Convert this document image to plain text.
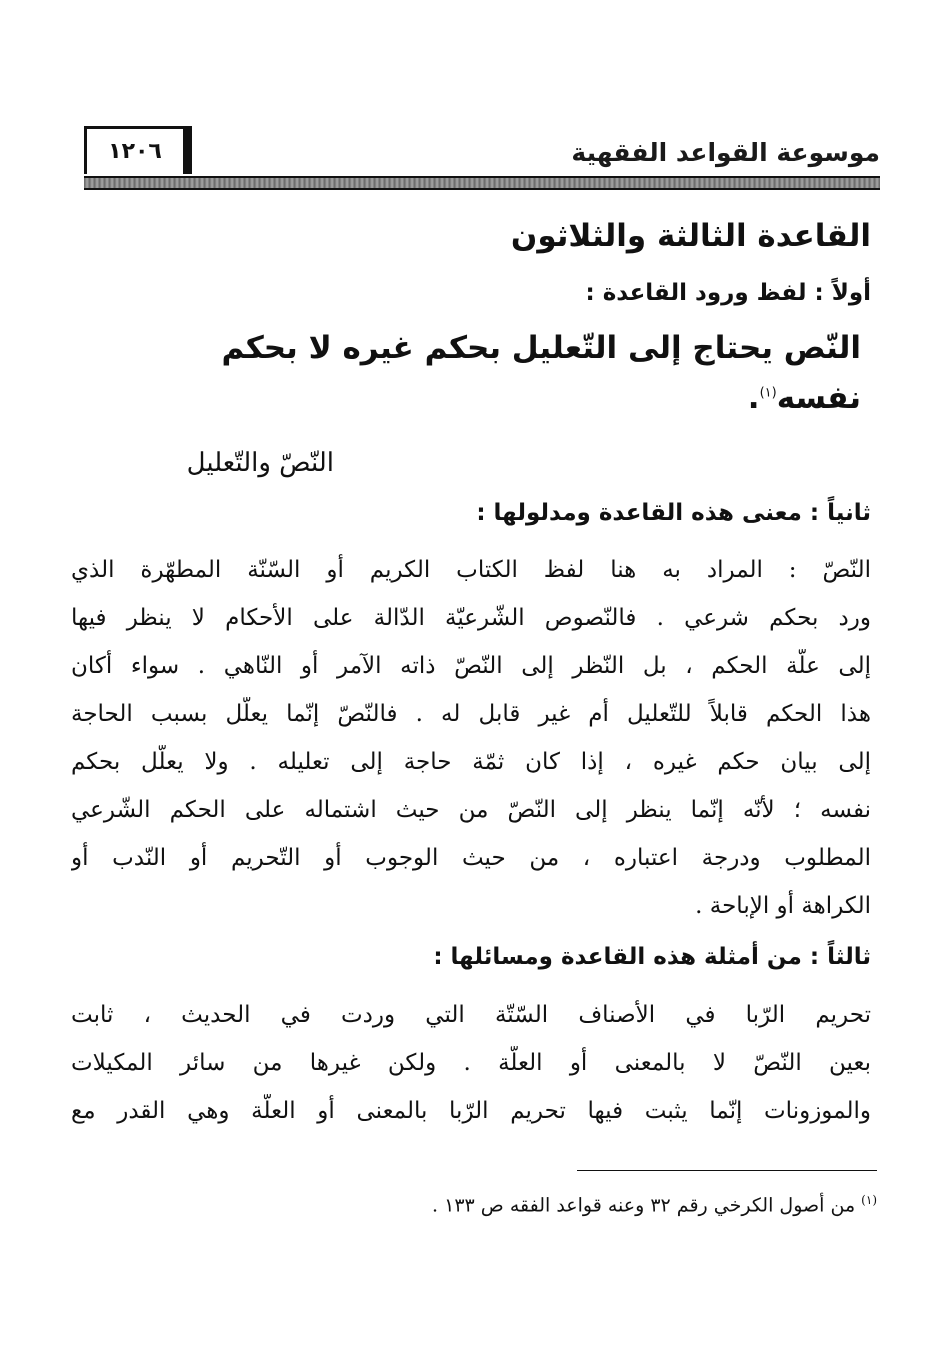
موسوعة القواعد الفقهية
١٢٠٦
القاعدة الثالثة والثلاثون
أولاً : لفظ ورود القاعدة :
النّص يحتاج إلى التّعليل بحكم غيره لا بحكم
نفسه$^{(١)}$.
النّصّ والتّعليل
ثانياً : معنى هذه القاعدة ومدلولها :
النّصّ : المراد به هنا لفظ الكتاب الكريم أو السّنّة المطهّرة الذي
ورد بحكم شرعي . فالنّصوص الشّرعيّة الدّالة على الأحكام لا ينظر فيها
إلى علّة الحكم ، بل النّظر إلى النّصّ ذاته الآمر أو النّاهي . سواء أكان
هذا الحكم قابلاً للتّعليل أم غير قابل له . فالنّصّ إنّما يعلّل بسبب الحاجة
إلى بيان حكم غيره ، إذا كان ثمّة حاجة إلى تعليله . ولا يعلّل بحكم
نفسه ؛ لأنّه إنّما ينظر إلى النّصّ من حيث اشتماله على الحكم الشّرعي
المطلوب ودرجة اعتباره ، من حيث الوجوب أو التّحريم أو النّدب أو
الكراهة أو الإباحة .
ثالثاً : من أمثلة هذه القاعدة ومسائلها :
تحريم الرّبا في الأصناف السّتّة التي وردت في الحديث ، ثابت
بعين النّصّ لا بالمعنى أو العلّة . ولكن غيرها من سائر المكيلات
والموزونات إنّما يثبت فيها تحريم الرّبا بالمعنى أو العلّة وهي القدر مع
$^{(١)}$ من أصول الكرخي رقم ٣٢ وعنه قواعد الفقه ص ١٣٣ .
